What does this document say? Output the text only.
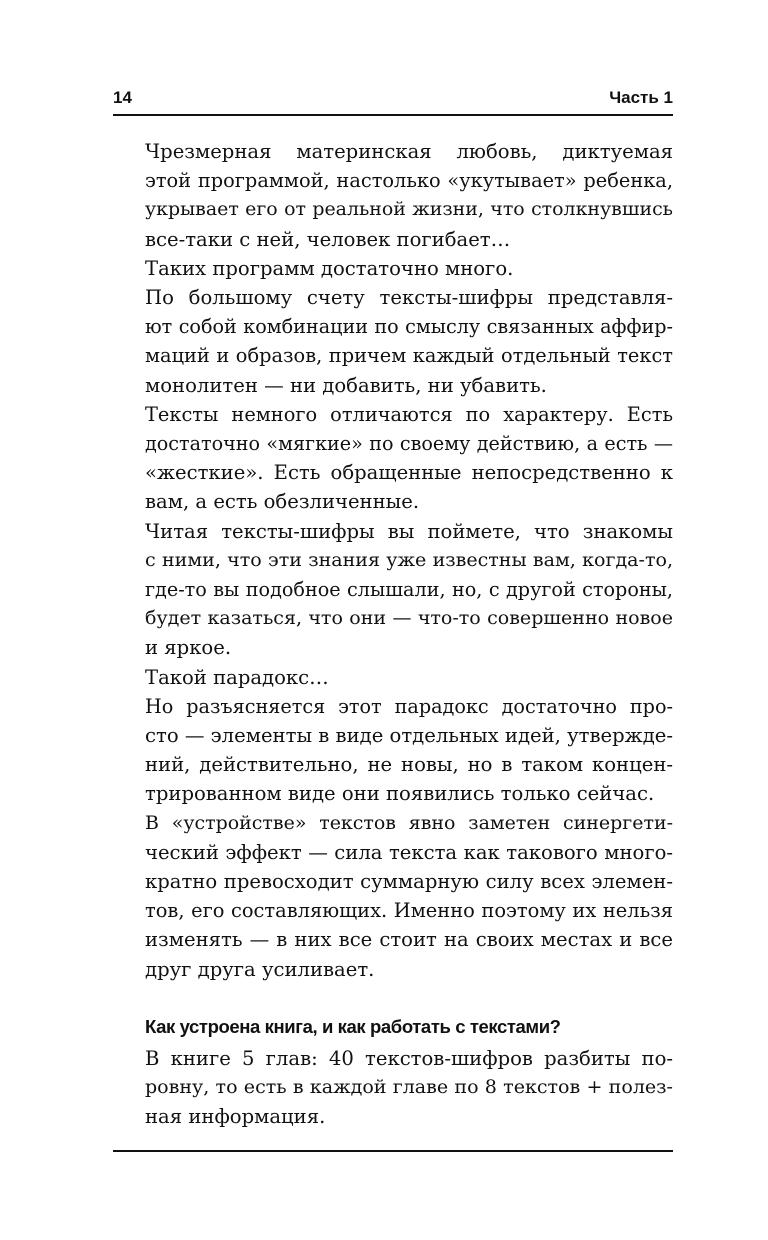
14	Часть 1

Чрезмерная материнская любовь, диктуемая
этой программой, настолько «укутывает» ребенка,
укрывает его от реальной жизни, что столкнувшись
все-таки с ней, человек погибает…

Таких программ достаточно много.

По большому счету тексты-шифры представля-
ют собой комбинации по смыслу связанных аффир-
маций и образов, причем каждый отдельный текст
монолитен — ни добавить, ни убавить.

Тексты немного отличаются по характеру. Есть
достаточно «мягкие» по своему действию, а есть —
«жесткие». Есть обращенные непосредственно к
вам, а есть обезличенные.

Читая тексты-шифры вы поймете, что знакомы
с ними, что эти знания уже известны вам, когда-то,
где-то вы подобное слышали, но, с другой стороны,
будет казаться, что они — что-то совершенно новое
и яркое.

Такой парадокс…

Но разъясняется этот парадокс достаточно про-
сто — элементы в виде отдельных идей, утвержде-
ний, действительно, не новы, но в таком концен-
трированном виде они появились только сейчас.

В «устройстве» текстов явно заметен синергети-
ческий эффект — сила текста как такового много-
кратно превосходит суммарную силу всех элемен-
тов, его составляющих. Именно поэтому их нельзя
изменять — в них все стоит на своих местах и все
друг друга усиливает.

Как устроена книга, и как работать с текстами?

В книге 5 глав: 40 текстов-шифров разбиты по-
ровну, то есть в каждой главе по 8 текстов + полез-
ная информация.
